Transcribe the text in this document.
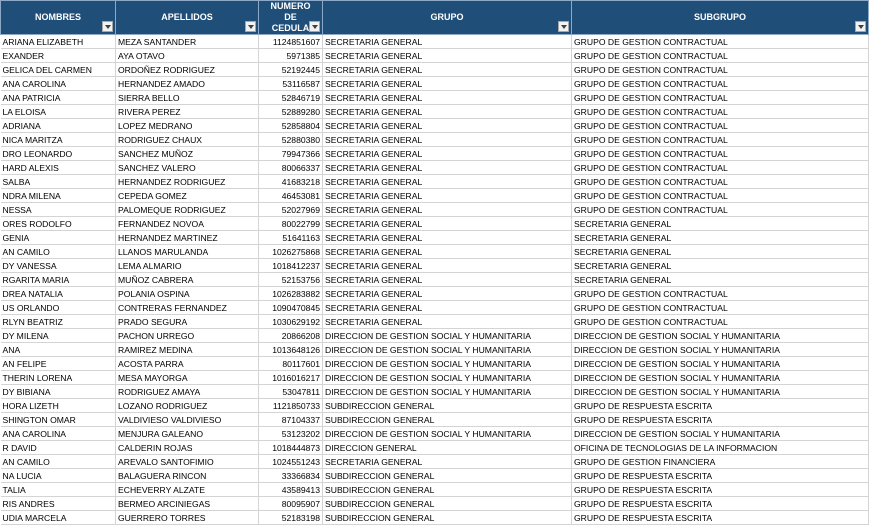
NOMBRES	APELLIDOS	NUMERO DE CEDULA	GRUPO	SUBGRUPO

ARIANA ELIZABETH	MEZA SANTANDER	1124851607	SECRETARIA GENERAL	GRUPO DE GESTION CONTRACTUAL
EXANDER	AYA OTAVO	5971385	SECRETARIA GENERAL	GRUPO DE GESTION CONTRACTUAL
GELICA DEL CARMEN	ORDOÑEZ RODRIGUEZ	52192445	SECRETARIA GENERAL	GRUPO DE GESTION CONTRACTUAL
ANA CAROLINA	HERNANDEZ AMADO	53116587	SECRETARIA GENERAL	GRUPO DE GESTION CONTRACTUAL
ANA PATRICIA	SIERRA BELLO	52846719	SECRETARIA GENERAL	GRUPO DE GESTION CONTRACTUAL
LA ELOISA	RIVERA PEREZ	52889280	SECRETARIA GENERAL	GRUPO DE GESTION CONTRACTUAL
ADRIANA	LOPEZ MEDRANO	52858804	SECRETARIA GENERAL	GRUPO DE GESTION CONTRACTUAL
NICA MARITZA	RODRIGUEZ CHAUX	52880380	SECRETARIA GENERAL	GRUPO DE GESTION CONTRACTUAL
DRO LEONARDO	SANCHEZ MUÑOZ	79947366	SECRETARIA GENERAL	GRUPO DE GESTION CONTRACTUAL
HARD ALEXIS	SANCHEZ VALERO	80066337	SECRETARIA GENERAL	GRUPO DE GESTION CONTRACTUAL
SALBA	HERNANDEZ RODRIGUEZ	41683218	SECRETARIA GENERAL	GRUPO DE GESTION CONTRACTUAL
NDRA MILENA	CEPEDA GOMEZ	46453081	SECRETARIA GENERAL	GRUPO DE GESTION CONTRACTUAL
NESSA	PALOMEQUE RODRIGUEZ	52027969	SECRETARIA GENERAL	GRUPO DE GESTION CONTRACTUAL
ORES RODOLFO	FERNANDEZ NOVOA	80022799	SECRETARIA GENERAL	SECRETARIA GENERAL
GENIA	HERNANDEZ MARTINEZ	51641163	SECRETARIA GENERAL	SECRETARIA GENERAL
AN CAMILO	LLANOS MARULANDA	1026275868	SECRETARIA GENERAL	SECRETARIA GENERAL
DY VANESSA	LEMA ALMARIO	1018412237	SECRETARIA GENERAL	SECRETARIA GENERAL
RGARITA MARIA	MUÑOZ CABRERA	52153756	SECRETARIA GENERAL	SECRETARIA GENERAL
DREA NATALIA	POLANIA OSPINA	1026283882	SECRETARIA GENERAL	GRUPO DE GESTION CONTRACTUAL
US ORLANDO	CONTRERAS FERNANDEZ	1090470845	SECRETARIA GENERAL	GRUPO DE GESTION CONTRACTUAL
RLYN BEATRIZ	PRADO SEGURA	1030629192	SECRETARIA GENERAL	GRUPO DE GESTION CONTRACTUAL
DY MILENA	PACHON URREGO	20866208	DIRECCION DE GESTION SOCIAL Y HUMANITARIA	DIRECCION DE GESTION SOCIAL Y HUMANITARIA
ANA	RAMIREZ MEDINA	1013648126	DIRECCION DE GESTION SOCIAL Y HUMANITARIA	DIRECCION DE GESTION SOCIAL Y HUMANITARIA
AN FELIPE	ACOSTA PARRA	80117601	DIRECCION DE GESTION SOCIAL Y HUMANITARIA	DIRECCION DE GESTION SOCIAL Y HUMANITARIA
THERIN LORENA	MESA MAYORGA	1016016217	DIRECCION DE GESTION SOCIAL Y HUMANITARIA	DIRECCION DE GESTION SOCIAL Y HUMANITARIA
DY BIBIANA	RODRIGUEZ AMAYA	53047811	DIRECCION DE GESTION SOCIAL Y HUMANITARIA	DIRECCION DE GESTION SOCIAL Y HUMANITARIA
HORA LIZETH	LOZANO RODRIGUEZ	1121850733	SUBDIRECCION GENERAL	GRUPO DE RESPUESTA ESCRITA
SHINGTON OMAR	VALDIVIESO VALDIVIESO	87104337	SUBDIRECCION GENERAL	GRUPO DE RESPUESTA ESCRITA
ANA CAROLINA	MENJURA GALEANO	53123202	DIRECCION DE GESTION SOCIAL Y HUMANITARIA	DIRECCION DE GESTION SOCIAL Y HUMANITARIA
R DAVID	CALDERIN ROJAS	1018444873	DIRECCION GENERAL	OFICINA DE TECNOLOGIAS DE LA INFORMACION
AN CAMILO	AREVALO SANTOFIMIO	1024551243	SECRETARIA GENERAL	GRUPO DE GESTION FINANCIERA
NA LUCIA	BALAGUERA RINCON	33366834	SUBDIRECCION GENERAL	GRUPO DE RESPUESTA ESCRITA
TALIA	ECHEVERRY ALZATE	43589413	SUBDIRECCION GENERAL	GRUPO DE RESPUESTA ESCRITA
RIS ANDRES	BERMEO ARCINIEGAS	80095907	SUBDIRECCION GENERAL	GRUPO DE RESPUESTA ESCRITA
UDIA MARCELA	GUERRERO TORRES	52183198	SUBDIRECCION GENERAL	GRUPO DE RESPUESTA ESCRITA
